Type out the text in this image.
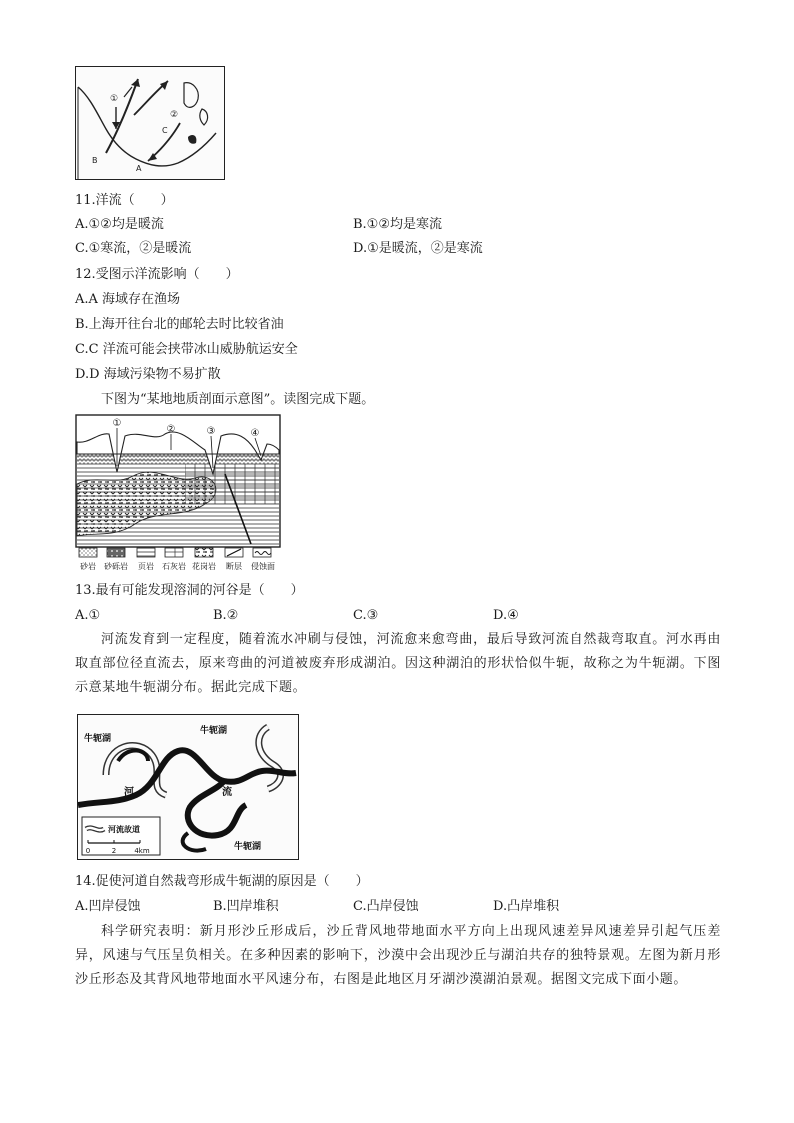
①
②
C
B
A
11.洋流（　　）
A.①②均是暖流	B.①②均是寒流
C.①寒流，②是暖流	D.①是暖流，②是寒流
12.受图示洋流影响（　　）
A.A 海域存在渔场
B.上海开往台北的邮轮去时比较省油
C.C 洋流可能会挟带冰山威胁航运安全
D.D 海域污染物不易扩散
下图为“某地地质剖面示意图”。读图完成下题。
①
②	③	④
砂岩 砂砾岩 页岩 石灰岩 花岗岩 断层 侵蚀面
13.最有可能发现溶洞的河谷是（　　）
A.①	B.②	C.③	D.④
河流发育到一定程度，随着流水冲刷与侵蚀，河流愈来愈弯曲，最后导致河流自然裁弯取直。河水再由取直部位径直流去，原来弯曲的河道被废弃形成湖泊。因这种湖泊的形状恰似牛轭，故称之为牛轭湖。下图示意某地牛轭湖分布。据此完成下题。
牛轭湖
牛轭湖
牛轭湖
河	流
河流故道
0	2	4km
14.促使河道自然裁弯形成牛轭湖的原因是（　　）
A.凹岸侵蚀	B.凹岸堆积	C.凸岸侵蚀	D.凸岸堆积
科学研究表明：新月形沙丘形成后，沙丘背风地带地面水平方向上出现风速差异风速差异引起气压差异，风速与气压呈负相关。在多种因素的影响下，沙漠中会出现沙丘与湖泊共存的独特景观。左图为新月形沙丘形态及其背风地带地面水平风速分布，右图是此地区月牙湖沙漠湖泊景观。据图文完成下面小题。
